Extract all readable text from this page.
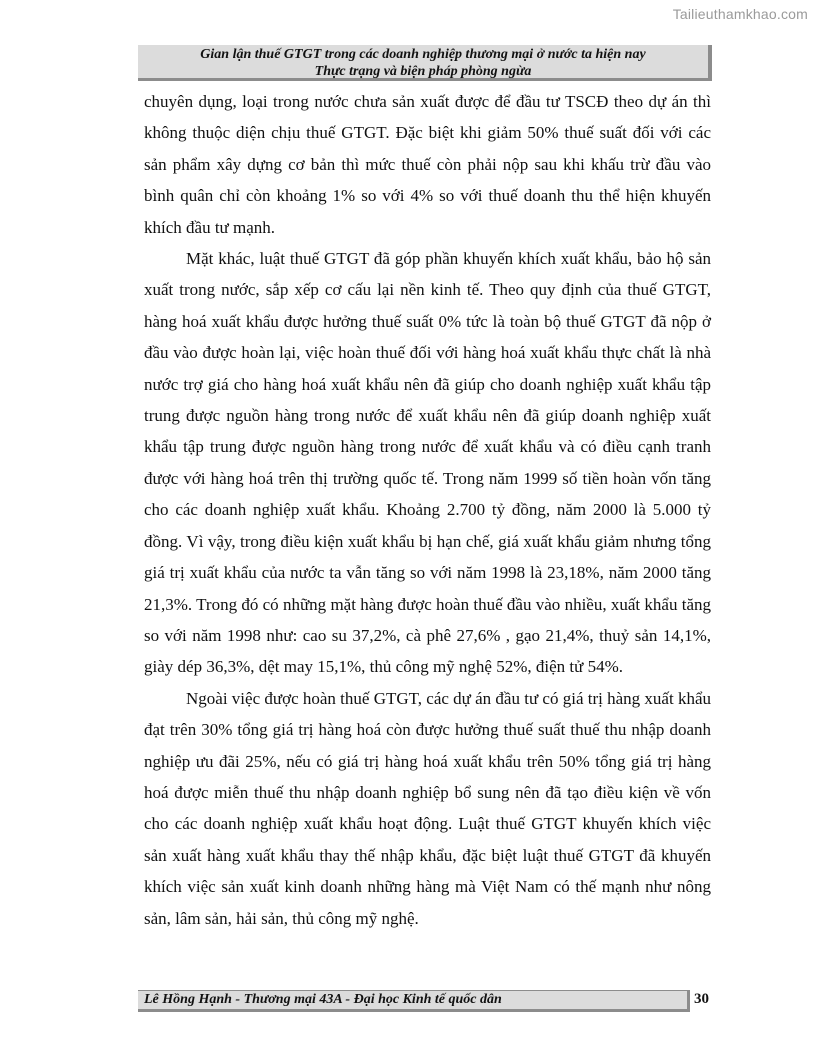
Tailieuthamkhao.com
Gian lận thuế GTGT trong các doanh nghiệp thương mại ở nước ta hiện nay
Thực trạng và biện pháp phòng ngừa

chuyên dụng, loại trong nước chưa sản xuất được để đầu tư TSCĐ theo dự án thì không thuộc diện chịu thuế GTGT. Đặc biệt khi giảm 50% thuế suất đối với các sản phẩm xây dựng cơ bản thì mức thuế còn phải nộp sau khi khấu trừ đầu vào bình quân chỉ còn khoảng 1% so với 4% so với thuế doanh thu thể hiện khuyến khích đầu tư mạnh.

Mặt khác, luật thuế GTGT đã góp phần khuyến khích xuất khẩu, bảo hộ sản xuất trong nước, sắp xếp cơ cấu lại nền kinh tế. Theo quy định của thuế GTGT, hàng hoá xuất khẩu được hưởng thuế suất 0% tức là toàn bộ thuế GTGT đã nộp ở đầu vào được hoàn lại, việc hoàn thuế đối với hàng hoá xuất khẩu thực chất là nhà nước trợ giá cho hàng hoá xuất khẩu nên đã giúp cho doanh nghiệp xuất khẩu tập trung được nguồn hàng trong nước để xuất khẩu nên đã giúp doanh nghiệp xuất khẩu tập trung được nguồn hàng trong nước để xuất khẩu và có điều cạnh tranh được với hàng hoá trên thị trường quốc tế. Trong năm 1999 số tiền hoàn vốn tăng cho các doanh nghiệp xuất khẩu. Khoảng 2.700 tỷ đồng, năm 2000 là 5.000 tỷ đồng. Vì vậy, trong điều kiện xuất khẩu bị hạn chế, giá xuất khẩu giảm nhưng tổng giá trị xuất khẩu của nước ta vẫn tăng so với năm 1998 là 23,18%, năm 2000 tăng 21,3%. Trong đó có những mặt hàng được hoàn thuế đầu vào nhiều, xuất khẩu tăng so với năm 1998 như: cao su 37,2%, cà phê 27,6% , gạo 21,4%, thuỷ sản 14,1%, giày dép 36,3%, dệt may 15,1%, thủ công mỹ nghệ 52%, điện tử 54%.

Ngoài việc được hoàn thuế GTGT, các dự án đầu tư có giá trị hàng xuất khẩu đạt trên 30% tổng giá trị hàng hoá còn được hưởng thuế suất thuế thu nhập doanh nghiệp ưu đãi 25%, nếu có giá trị hàng hoá xuất khẩu trên 50% tổng giá trị hàng hoá được miễn thuế thu nhập doanh nghiệp bổ sung nên đã tạo điều kiện về vốn cho các doanh nghiệp xuất khẩu hoạt động. Luật thuế GTGT khuyến khích việc sản xuất hàng xuất khẩu thay thế nhập khẩu, đặc biệt luật thuế GTGT đã khuyến khích việc sản xuất kinh doanh những hàng mà Việt Nam có thế mạnh như nông sản, lâm sản, hải sản, thủ công mỹ nghệ.

Lê Hồng Hạnh - Thương mại 43A - Đại học Kinh tế quốc dân	30
